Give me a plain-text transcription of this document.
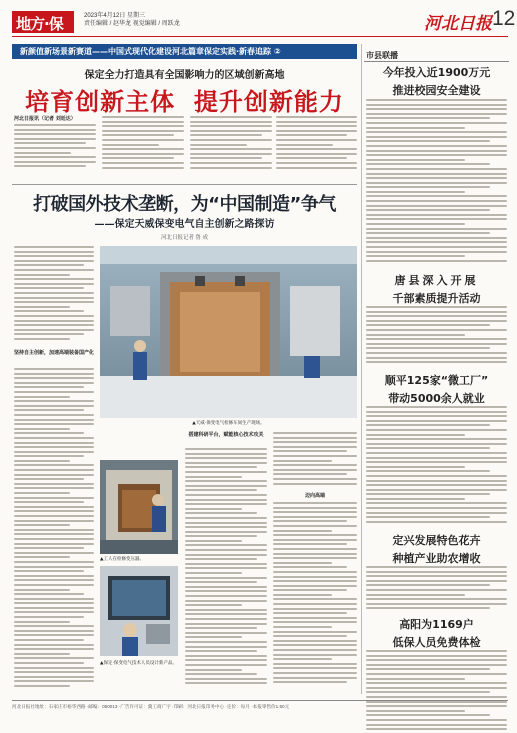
地方·保	2023年4月12日 星期三
责任编辑 / 赵华龙 视觉编辑 / 周跃龙	河北日报 12
新颜值新场景新赛道——中国式现代化建设河北篇章保定实践·新春追踪 ②
保定全力打造具有全国影响力的区域创新高地
培育创新主体  提升创新能力
河北日报讯（记者 刘廷达）
市县联播
今年投入近1900万元
推进校园安全建设
唐县深入开展
千部素质提升活动
顺平125家“微工厂”
带动5000余人就业
定兴发展特色花卉
种植产业助农增收
高阳为1169户
低保人员免费体检
打破国外技术垄断，为“中国制造”争气
——保定天威保变电气自主创新之路探访
河北日报记者 鲁 成
坚持自主创新，加速高端装备国产化
▲工人在检修变压器。
▲天威·保变电气检修车间生产现场。
搭建科研平台，赋能核心技术攻关
迈向高端
▲保定·保变电气技术人员设计新产品。
河北日报社地址：石家庄市裕华西路 ·邮编：050013 ·广告许可证：冀工商广字 ·印刷：河北日报印务中心 ·定价：每月 ·本报零售价1.50元
